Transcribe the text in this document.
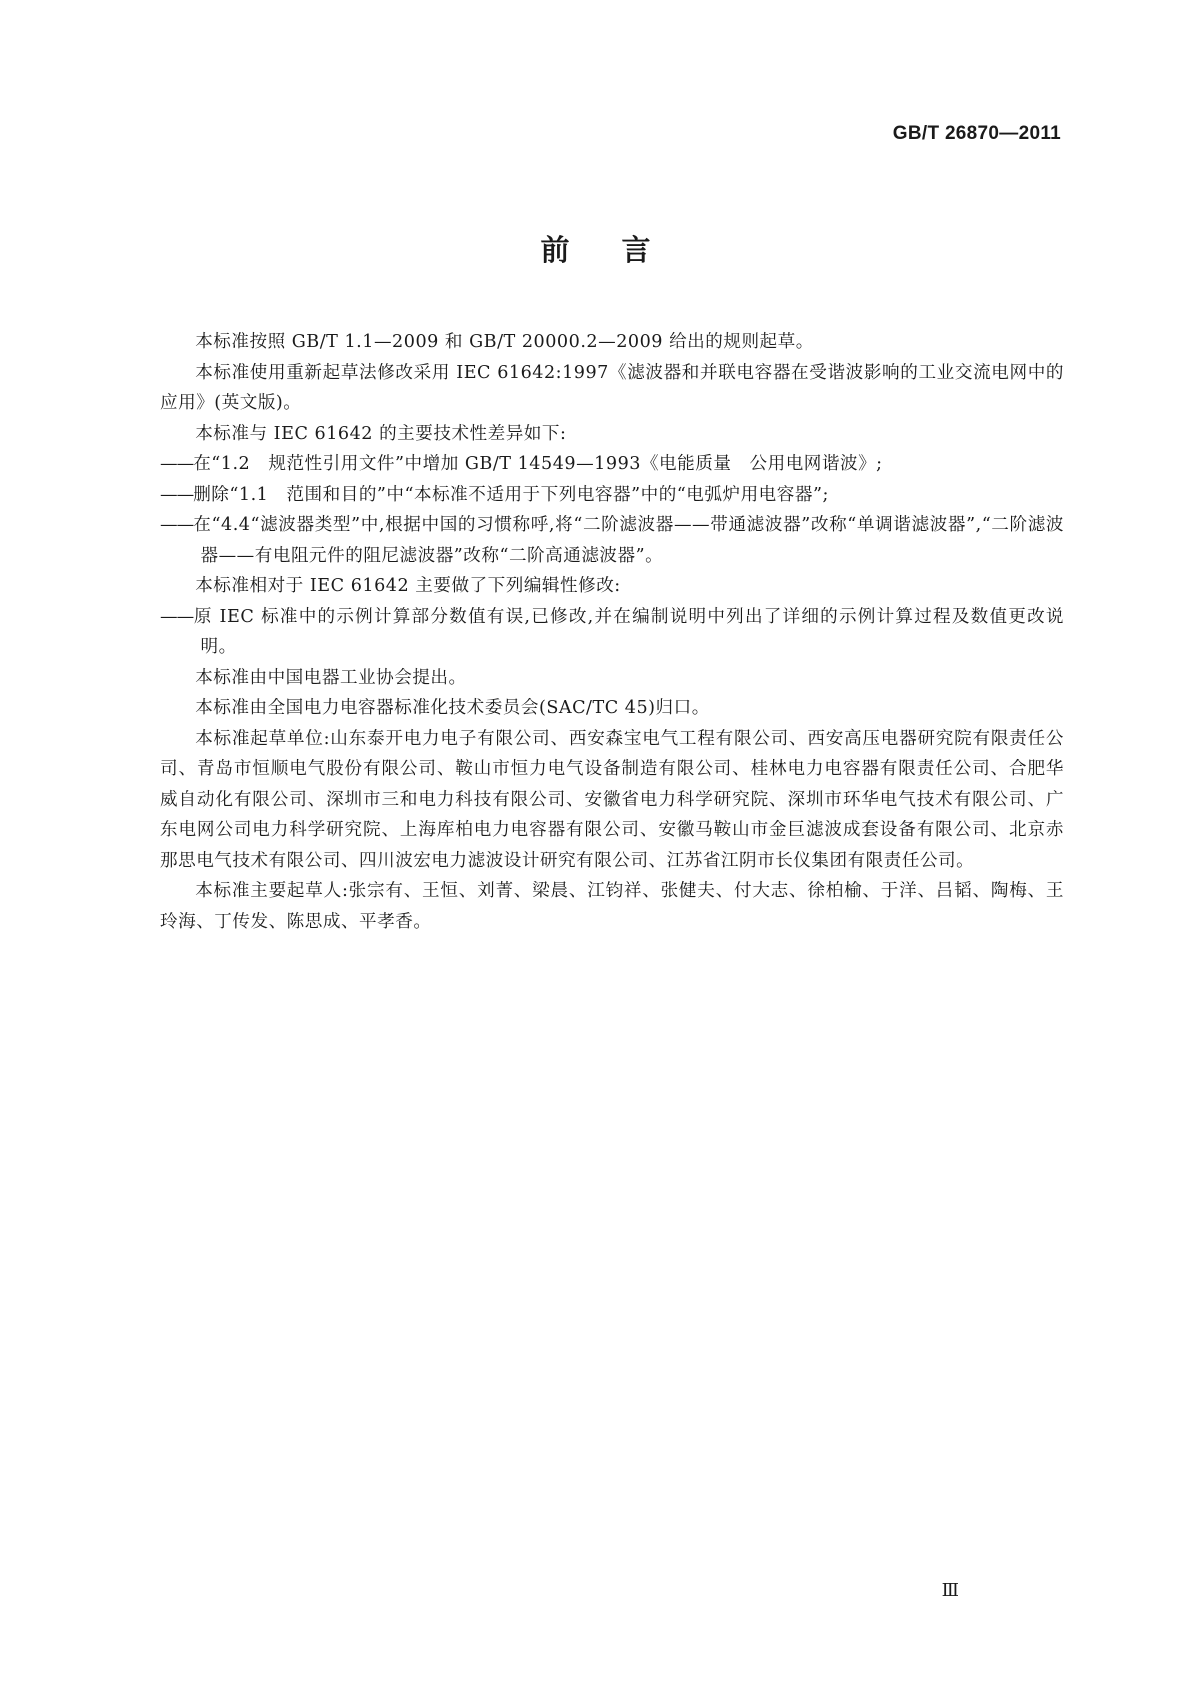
GB/T 26870—2011
前言

本标准按照 GB/T 1.1—2009 和 GB/T 20000.2—2009 给出的规则起草。

本标准使用重新起草法修改采用 IEC 61642:1997《滤波器和并联电容器在受谐波影响的工业交流电网中的应用》(英文版)。

本标准与 IEC 61642 的主要技术性差异如下:

——在“1.2　规范性引用文件”中增加 GB/T 14549—1993《电能质量　公用电网谐波》;

——删除“1.1　范围和目的”中“本标准不适用于下列电容器”中的“电弧炉用电容器”;

——在“4.4“滤波器类型”中,根据中国的习惯称呼,将“二阶滤波器——带通滤波器”改称“单调谐滤波器”,“二阶滤波器——有电阻元件的阻尼滤波器”改称“二阶高通滤波器”。

本标准相对于 IEC 61642 主要做了下列编辑性修改:

——原 IEC 标准中的示例计算部分数值有误,已修改,并在编制说明中列出了详细的示例计算过程及数值更改说明。

本标准由中国电器工业协会提出。

本标准由全国电力电容器标准化技术委员会(SAC/TC 45)归口。

本标准起草单位:山东泰开电力电子有限公司、西安森宝电气工程有限公司、西安高压电器研究院有限责任公司、青岛市恒顺电气股份有限公司、鞍山市恒力电气设备制造有限公司、桂林电力电容器有限责任公司、合肥华威自动化有限公司、深圳市三和电力科技有限公司、安徽省电力科学研究院、深圳市环华电气技术有限公司、广东电网公司电力科学研究院、上海库柏电力电容器有限公司、安徽马鞍山市金巨滤波成套设备有限公司、北京赤那思电气技术有限公司、四川波宏电力滤波设计研究有限公司、江苏省江阴市长仪集团有限责任公司。

本标准主要起草人:张宗有、王恒、刘菁、梁晨、江钧祥、张健夫、付大志、徐柏榆、于洋、吕韬、陶梅、王玲海、丁传发、陈思成、平孝香。

Ⅲ
